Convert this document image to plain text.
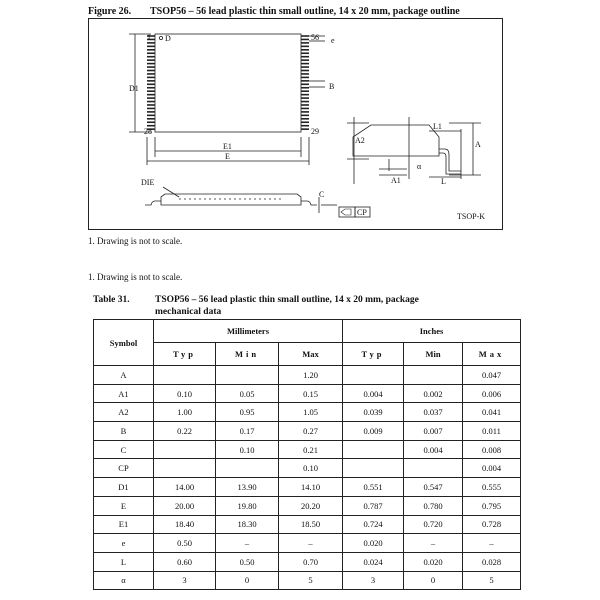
Figure 26. TSOP56 – 56 lead plastic thin small outline, 14 x 20 mm, package outline
1	56
28	29
e
B
D1
E1
E
A2	A
A1
L1
L
α
DIE
C
CP
D
TSOP-K
1. Drawing is not to scale.
1. Drawing is not to scale.
Table 31.	TSOP56 – 56 lead plastic thin small outline, 14 x 20 mm, package mechanical data
Symbol	Millimeters			Inches		
	Typ	Min	Max	Typ	Min	Max
A			1.20			0.047
A1	0.10	0.05	0.15	0.004	0.002	0.006
A2	1.00	0.95	1.05	0.039	0.037	0.041
B	0.22	0.17	0.27	0.009	0.007	0.011
C		0.10	0.21		0.004	0.008
CP			0.10			0.004
D1	14.00	13.90	14.10	0.551	0.547	0.555
E	20.00	19.80	20.20	0.787	0.780	0.795
E1	18.40	18.30	18.50	0.724	0.720	0.728
e	0.50	–	–	0.020	–	–
L	0.60	0.50	0.70	0.024	0.020	0.028
α	3	0	5	3	0	5
